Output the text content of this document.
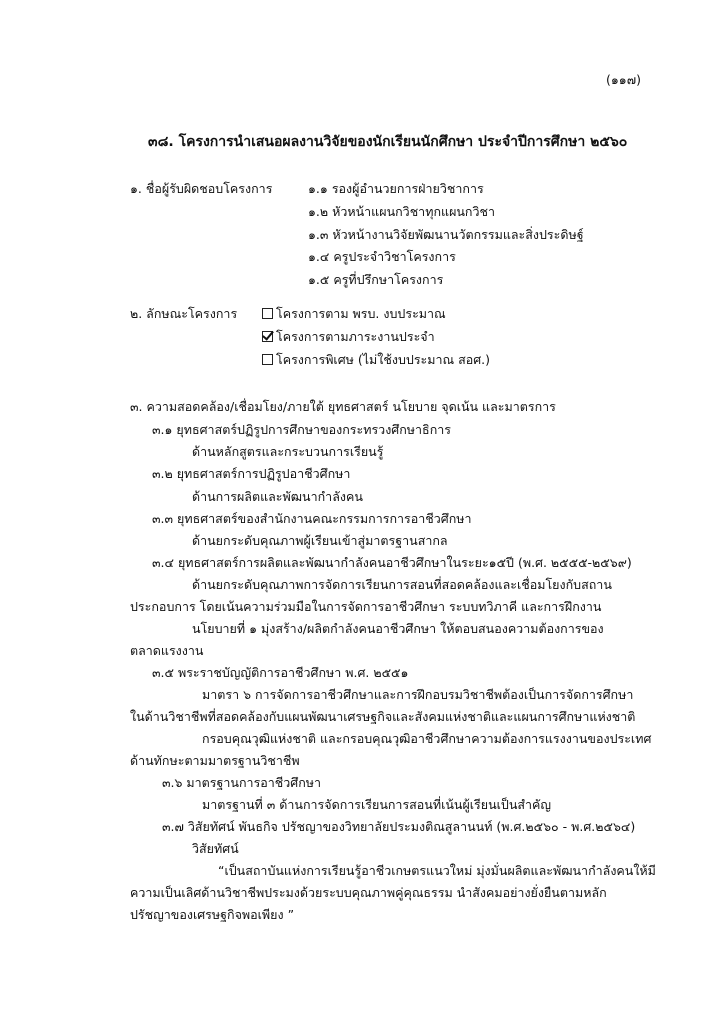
(๑๑๗)
๓๘. โครงการนำเสนอผลงานวิจัยของนักเรียนนักศึกษา ประจำปีการศึกษา ๒๕๖๐
๑. ชื่อผู้รับผิดชอบโครงการ	๑.๑ รองผู้อำนวยการฝ่ายวิชาการ
๑.๒ หัวหน้าแผนกวิชาทุกแผนกวิชา
๑.๓ หัวหน้างานวิจัยพัฒนานวัตกรรมและสิ่งประดิษฐ์
๑.๔ ครูประจำวิชาโครงการ
๑.๕ ครูที่ปรึกษาโครงการ
๒. ลักษณะโครงการ	โครงการตาม พรบ. งบประมาณ
โครงการตามภาระงานประจำ
โครงการพิเศษ (ไม่ใช้งบประมาณ สอศ.)
๓. ความสอดคล้อง/เชื่อมโยง/ภายใต้ ยุทธศาสตร์ นโยบาย จุดเน้น และมาตรการ
๓.๑ ยุทธศาสตร์ปฏิรูปการศึกษาของกระทรวงศึกษาธิการ
ด้านหลักสูตรและกระบวนการเรียนรู้
๓.๒ ยุทธศาสตร์การปฏิรูปอาชีวศึกษา
ด้านการผลิตและพัฒนากำลังคน
๓.๓ ยุทธศาสตร์ของสำนักงานคณะกรรมการการอาชีวศึกษา
ด้านยกระดับคุณภาพผู้เรียนเข้าสู่มาตรฐานสากล
๓.๔ ยุทธศาสตร์การผลิตและพัฒนากำลังคนอาชีวศึกษาในระยะ๑๕ปี (พ.ศ. ๒๕๕๕-๒๕๖๙)
ด้านยกระดับคุณภาพการจัดการเรียนการสอนที่สอดคล้องและเชื่อมโยงกับสถาน
ประกอบการ โดยเน้นความร่วมมือในการจัดการอาชีวศึกษา ระบบทวิภาคี และการฝึกงาน
นโยบายที่ ๑ มุ่งสร้าง/ผลิตกำลังคนอาชีวศึกษา ให้ตอบสนองความต้องการของ
ตลาดแรงงาน
๓.๕ พระราชบัญญัติการอาชีวศึกษา พ.ศ. ๒๕๕๑
มาตรา ๖ การจัดการอาชีวศึกษาและการฝึกอบรมวิชาชีพต้องเป็นการจัดการศึกษา
ในด้านวิชาชีพที่สอดคล้องกับแผนพัฒนาเศรษฐกิจและสังคมแห่งชาติและแผนการศึกษาแห่งชาติ
กรอบคุณวุฒิแห่งชาติ และกรอบคุณวุฒิอาชีวศึกษาความต้องการแรงงานของประเทศ
ด้านทักษะตามมาตรฐานวิชาชีพ
๓.๖ มาตรฐานการอาชีวศึกษา
มาตรฐานที่ ๓ ด้านการจัดการเรียนการสอนที่เน้นผู้เรียนเป็นสำคัญ
๓.๗ วิสัยทัศน์ พันธกิจ ปรัชญาของวิทยาลัยประมงติณสูลานนท์ (พ.ศ.๒๕๖๐ - พ.ศ.๒๕๖๔)
วิสัยทัศน์
“เป็นสถาบันแห่งการเรียนรู้อาชีวเกษตรแนวใหม่ มุ่งมั่นผลิตและพัฒนากำลังคนให้มี
ความเป็นเลิศด้านวิชาชีพประมงด้วยระบบคุณภาพคู่คุณธรรม นำสังคมอย่างยั่งยืนตามหลัก
ปรัชญาของเศรษฐกิจพอเพียง ”
